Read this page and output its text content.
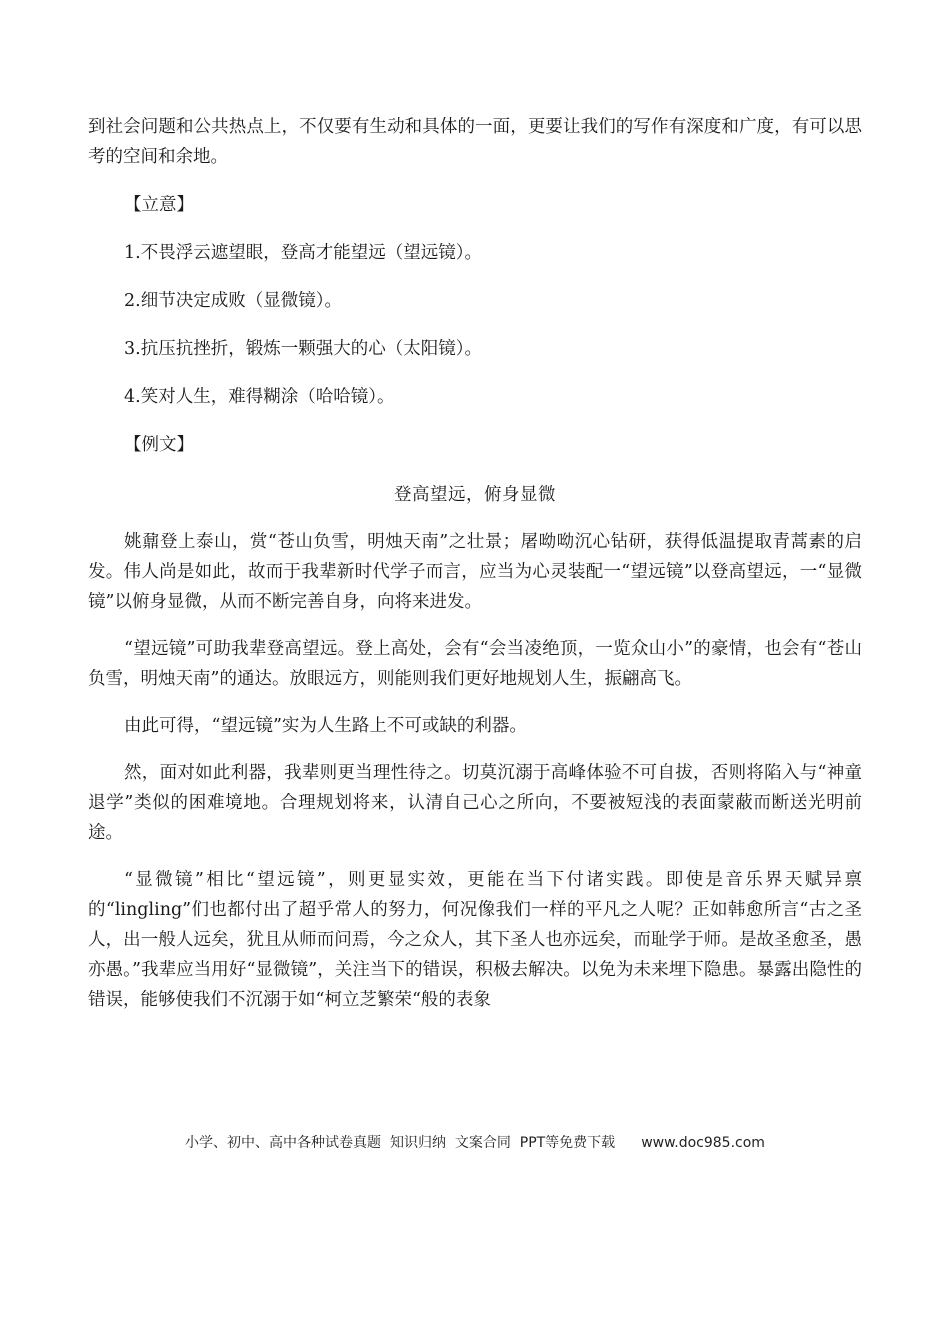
到社会问题和公共热点上，不仅要有生动和具体的一面，更要让我们的写作有深度和广度，有可以思考的空间和余地。

【立意】

1.不畏浮云遮望眼，登高才能望远（望远镜）。

2.细节决定成败（显微镜）。

3.抗压抗挫折，锻炼一颗强大的心（太阳镜）。

4.笑对人生，难得糊涂（哈哈镜）。

【例文】

登高望远，俯身显微

姚鼐登上泰山，赏“苍山负雪，明烛天南”之壮景；屠呦呦沉心钻研，获得低温提取青蒿素的启发。伟人尚是如此，故而于我辈新时代学子而言，应当为心灵装配一“望远镜”以登高望远，一“显微镜”以俯身显微，从而不断完善自身，向将来进发。

“望远镜”可助我辈登高望远。登上高处，会有“会当凌绝顶，一览众山小”的豪情，也会有“苍山负雪，明烛天南”的通达。放眼远方，则能则我们更好地规划人生，振翩高飞。

由此可得，“望远镜”实为人生路上不可或缺的利器。

然，面对如此利器，我辈则更当理性待之。切莫沉溺于高峰体验不可自拔，否则将陷入与“神童退学”类似的困难境地。合理规划将来，认清自己心之所向，不要被短浅的表面蒙蔽而断送光明前途。

“显微镜”相比“望远镜”，则更显实效，更能在当下付诸实践。即使是音乐界天赋异禀的“lingling”们也都付出了超乎常人的努力，何况像我们一样的平凡之人呢？正如韩愈所言“古之圣人，出一般人远矣，犹且从师而问焉，今之众人，其下圣人也亦远矣，而耻学于师。是故圣愈圣，愚亦愚。”我辈应当用好“显微镜”，关注当下的错误，积极去解决。以免为未来埋下隐患。暴露出隐性的错误，能够使我们不沉溺于如“柯立芝繁荣“般的表象

小学、初中、高中各种试卷真题  知识归纳  文案合同  PPT等免费下载 www.doc985.com
